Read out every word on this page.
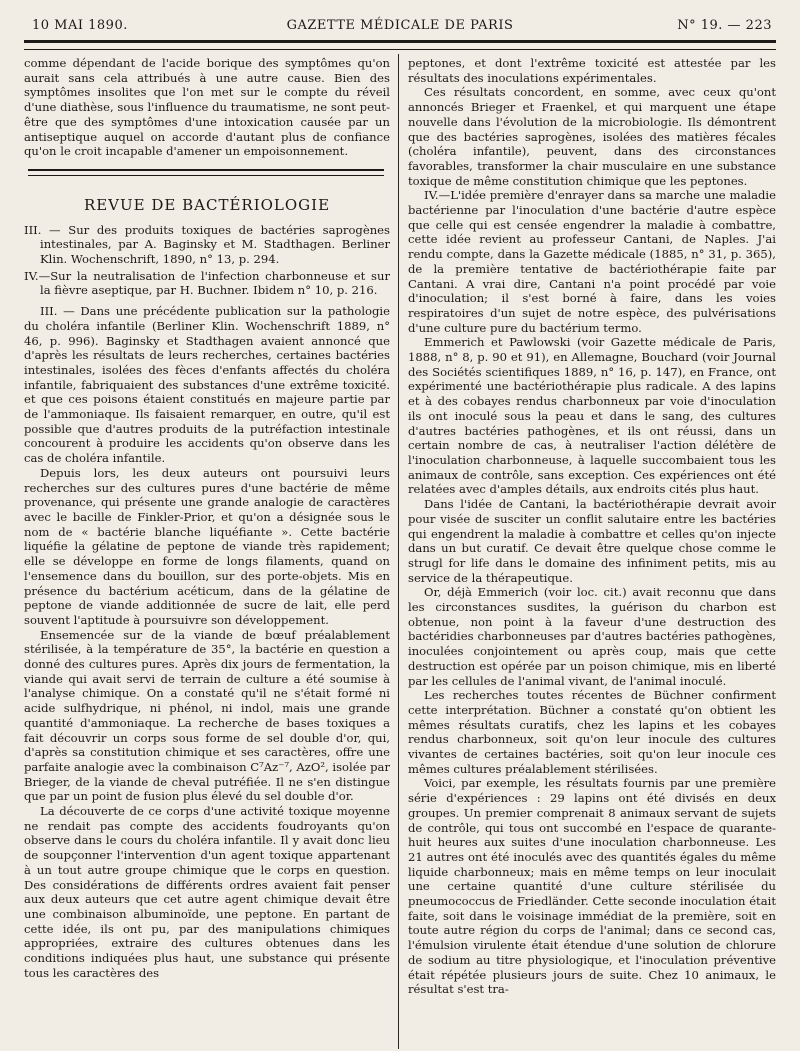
10 MAI 1890.	GAZETTE MÉDICALE DE PARIS	N° 19. — 223

comme dépendant de l'acide borique des symptômes qu'on aurait sans cela attribués à une autre cause. Bien des symptômes insolites que l'on met sur le compte du réveil d'une diathèse, sous l'influence du traumatisme, ne sont peut-être que des symptômes d'une intoxication causée par un antiseptique auquel on accorde d'autant plus de confiance qu'on le croit incapable d'amener un empoisonnement.

REVUE DE BACTÉRIOLOGIE

III. — Sur des produits toxiques de bactéries saprogènes intestinales, par A. Baginsky et M. Stadthagen. Berliner Klin. Wochenschrift, 1890, n° 13, p. 294.

IV.—Sur la neutralisation de l'infection charbonneuse et sur la fièvre aseptique, par H. Buchner. Ibidem n° 10, p. 216.

III. — Dans une précédente publication sur la pathologie du choléra infantile (Berliner Klin. Wochenschrift 1889, n° 46, p. 996). Baginsky et Stadthagen avaient annoncé que d'après les résultats de leurs recherches, certaines bactéries intestinales, isolées des fèces d'enfants affectés du choléra infantile, fabriquaient des substances d'une extrême toxicité. et que ces poisons étaient constitués en majeure partie par de l'ammoniaque. Ils faisaient remarquer, en outre, qu'il est possible que d'autres produits de la putréfaction intestinale concourent à produire les accidents qu'on observe dans les cas de choléra infantile.

Depuis lors, les deux auteurs ont poursuivi leurs recherches sur des cultures pures d'une bactérie de même provenance, qui présente une grande analogie de caractères avec le bacille de Finkler-Prior, et qu'on a désignée sous le nom de « bactérie blanche liquéfiante ». Cette bactérie liquéfie la gélatine de peptone de viande très rapidement; elle se développe en forme de longs filaments, quand on l'ensemence dans du bouillon, sur des porte-objets. Mis en présence du bactérium acéticum, dans de la gélatine de peptone de viande additionnée de sucre de lait, elle perd souvent l'aptitude à poursuivre son développement.

Ensemencée sur de la viande de bœuf préalablement stérilisée, à la température de 35°, la bactérie en question a donné des cultures pures. Après dix jours de fermentation, la viande qui avait servi de terrain de culture a été soumise à l'analyse chimique. On a constaté qu'il ne s'était formé ni acide sulfhydrique, ni phénol, ni indol, mais une grande quantité d'ammoniaque. La recherche de bases toxiques a fait découvrir un corps sous forme de sel double d'or, qui, d'après sa constitution chimique et ses caractères, offre une parfaite analogie avec la combinaison C⁷Az⁻⁷, AzO², isolée par Brieger, de la viande de cheval putréfiée. Il ne s'en distingue que par un point de fusion plus élevé du sel double d'or.

La découverte de ce corps d'une activité toxique moyenne ne rendait pas compte des accidents foudroyants qu'on observe dans le cours du choléra infantile. Il y avait donc lieu de soupçonner l'intervention d'un agent toxique appartenant à un tout autre groupe chimique que le corps en question. Des considérations de différents ordres avaient fait penser aux deux auteurs que cet autre agent chimique devait être une combinaison albuminoïde, une peptone. En partant de cette idée, ils ont pu, par des manipulations chimiques appropriées, extraire des cultures obtenues dans les conditions indiquées plus haut, une substance qui présente tous les caractères des

peptones, et dont l'extrême toxicité est attestée par les résultats des inoculations expérimentales.

Ces résultats concordent, en somme, avec ceux qu'ont annoncés Brieger et Fraenkel, et qui marquent une étape nouvelle dans l'évolution de la microbiologie. Ils démontrent que des bactéries saprogènes, isolées des matières fécales (choléra infantile), peuvent, dans des circonstances favorables, transformer la chair musculaire en une substance toxique de même constitution chimique que les peptones.

IV.—L'idée première d'enrayer dans sa marche une maladie bactérienne par l'inoculation d'une bactérie d'autre espèce que celle qui est censée engendrer la maladie à combattre, cette idée revient au professeur Cantani, de Naples. J'ai rendu compte, dans la Gazette médicale (1885, n° 31, p. 365), de la première tentative de bactériothérapie faite par Cantani. A vrai dire, Cantani n'a point procédé par voie d'inoculation; il s'est borné à faire, dans les voies respiratoires d'un sujet de notre espèce, des pulvérisations d'une culture pure du bactérium termo.

Emmerich et Pawlowski (voir Gazette médicale de Paris, 1888, n° 8, p. 90 et 91), en Allemagne, Bouchard (voir Journal des Sociétés scientifiques 1889, n° 16, p. 147), en France, ont expérimenté une bactériothérapie plus radicale. A des lapins et à des cobayes rendus charbonneux par voie d'inoculation ils ont inoculé sous la peau et dans le sang, des cultures d'autres bactéries pathogènes, et ils ont réussi, dans un certain nombre de cas, à neutraliser l'action délétère de l'inoculation charbonneuse, à laquelle succombaient tous les animaux de contrôle, sans exception. Ces expériences ont été relatées avec d'amples détails, aux endroits cités plus haut.

Dans l'idée de Cantani, la bactériothérapie devrait avoir pour visée de susciter un conflit salutaire entre les bactéries qui engendrent la maladie à combattre et celles qu'on injecte dans un but curatif. Ce devait être quelque chose comme le strugl for life dans le domaine des infiniment petits, mis au service de la thérapeutique.

Or, déjà Emmerich (voir loc. cit.) avait reconnu que dans les circonstances susdites, la guérison du charbon est obtenue, non point à la faveur d'une destruction des bactéridies charbonneuses par d'autres bactéries pathogènes, inoculées conjointement ou après coup, mais que cette destruction est opérée par un poison chimique, mis en liberté par les cellules de l'animal vivant, de l'animal inoculé.

Les recherches toutes récentes de Büchner confirment cette interprétation. Büchner a constaté qu'on obtient les mêmes résultats curatifs, chez les lapins et les cobayes rendus charbonneux, soit qu'on leur inocule des cultures vivantes de certaines bactéries, soit qu'on leur inocule ces mêmes cultures préalablement stérilisées.

Voici, par exemple, les résultats fournis par une première série d'expériences : 29 lapins ont été divisés en deux groupes. Un premier comprenait 8 animaux servant de sujets de contrôle, qui tous ont succombé en l'espace de quarante-huit heures aux suites d'une inoculation charbonneuse. Les 21 autres ont été inoculés avec des quantités égales du même liquide charbonneux; mais en même temps on leur inoculait une certaine quantité d'une culture stérilisée du pneumococcus de Friedländer. Cette seconde inoculation était faite, soit dans le voisinage immédiat de la première, soit en toute autre région du corps de l'animal; dans ce second cas, l'émulsion virulente était étendue d'une solution de chlorure de sodium au titre physiologique, et l'inoculation préventive était répétée plusieurs jours de suite. Chez 10 animaux, le résultat s'est tra-
